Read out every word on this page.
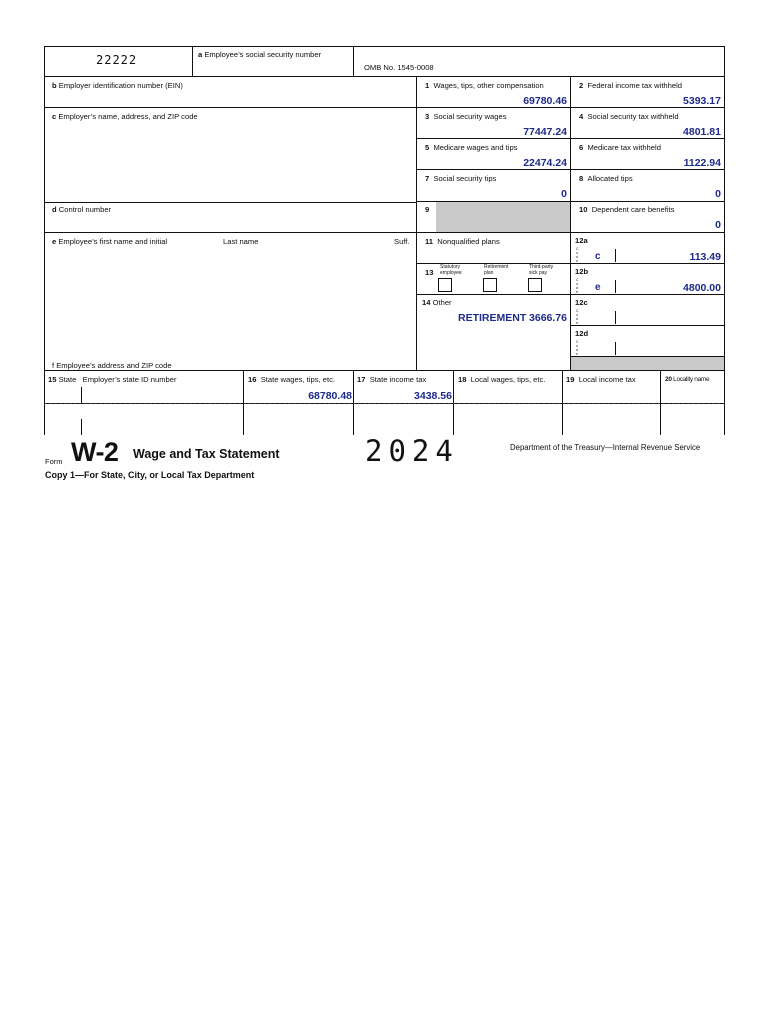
22222	a Employee’s social security number
OMB No. 1545-0008
b Employer identification number (EIN)
c Employer’s name, address, and ZIP code
d Control number
e Employee’s first name and initial	Last name	Suff.
f Employee’s address and ZIP code
1 Wages, tips, other compensation
69780.46
2 Federal income tax withheld
5393.17
3 Social security wages
77447.24
4 Social security tax withheld
4801.81
5 Medicare wages and tips
22474.24
6 Medicare tax withheld
1122.94
7 Social security tips
0
8 Allocated tips
0
9	10 Dependent care benefits
0
11 Nonqualified plans	12a
C o d e c	113.49
12b
C o d e e	4800.00
12c
C o d e
12d
C o d e
13
Statutory employee
Retirement plan
Third-party sick pay
14 Other
RETIREMENT 3666.76
15 State Employer’s state ID number	16 State wages, tips, etc.
68780.48
17 State income tax
3438.56
18 Local wages, tips, etc.	19 Local income tax	20 Locality name
Form W-2 Wage and Tax Statement	2024	Department of the Treasury—Internal Revenue Service
Copy 1—For State, City, or Local Tax Department
